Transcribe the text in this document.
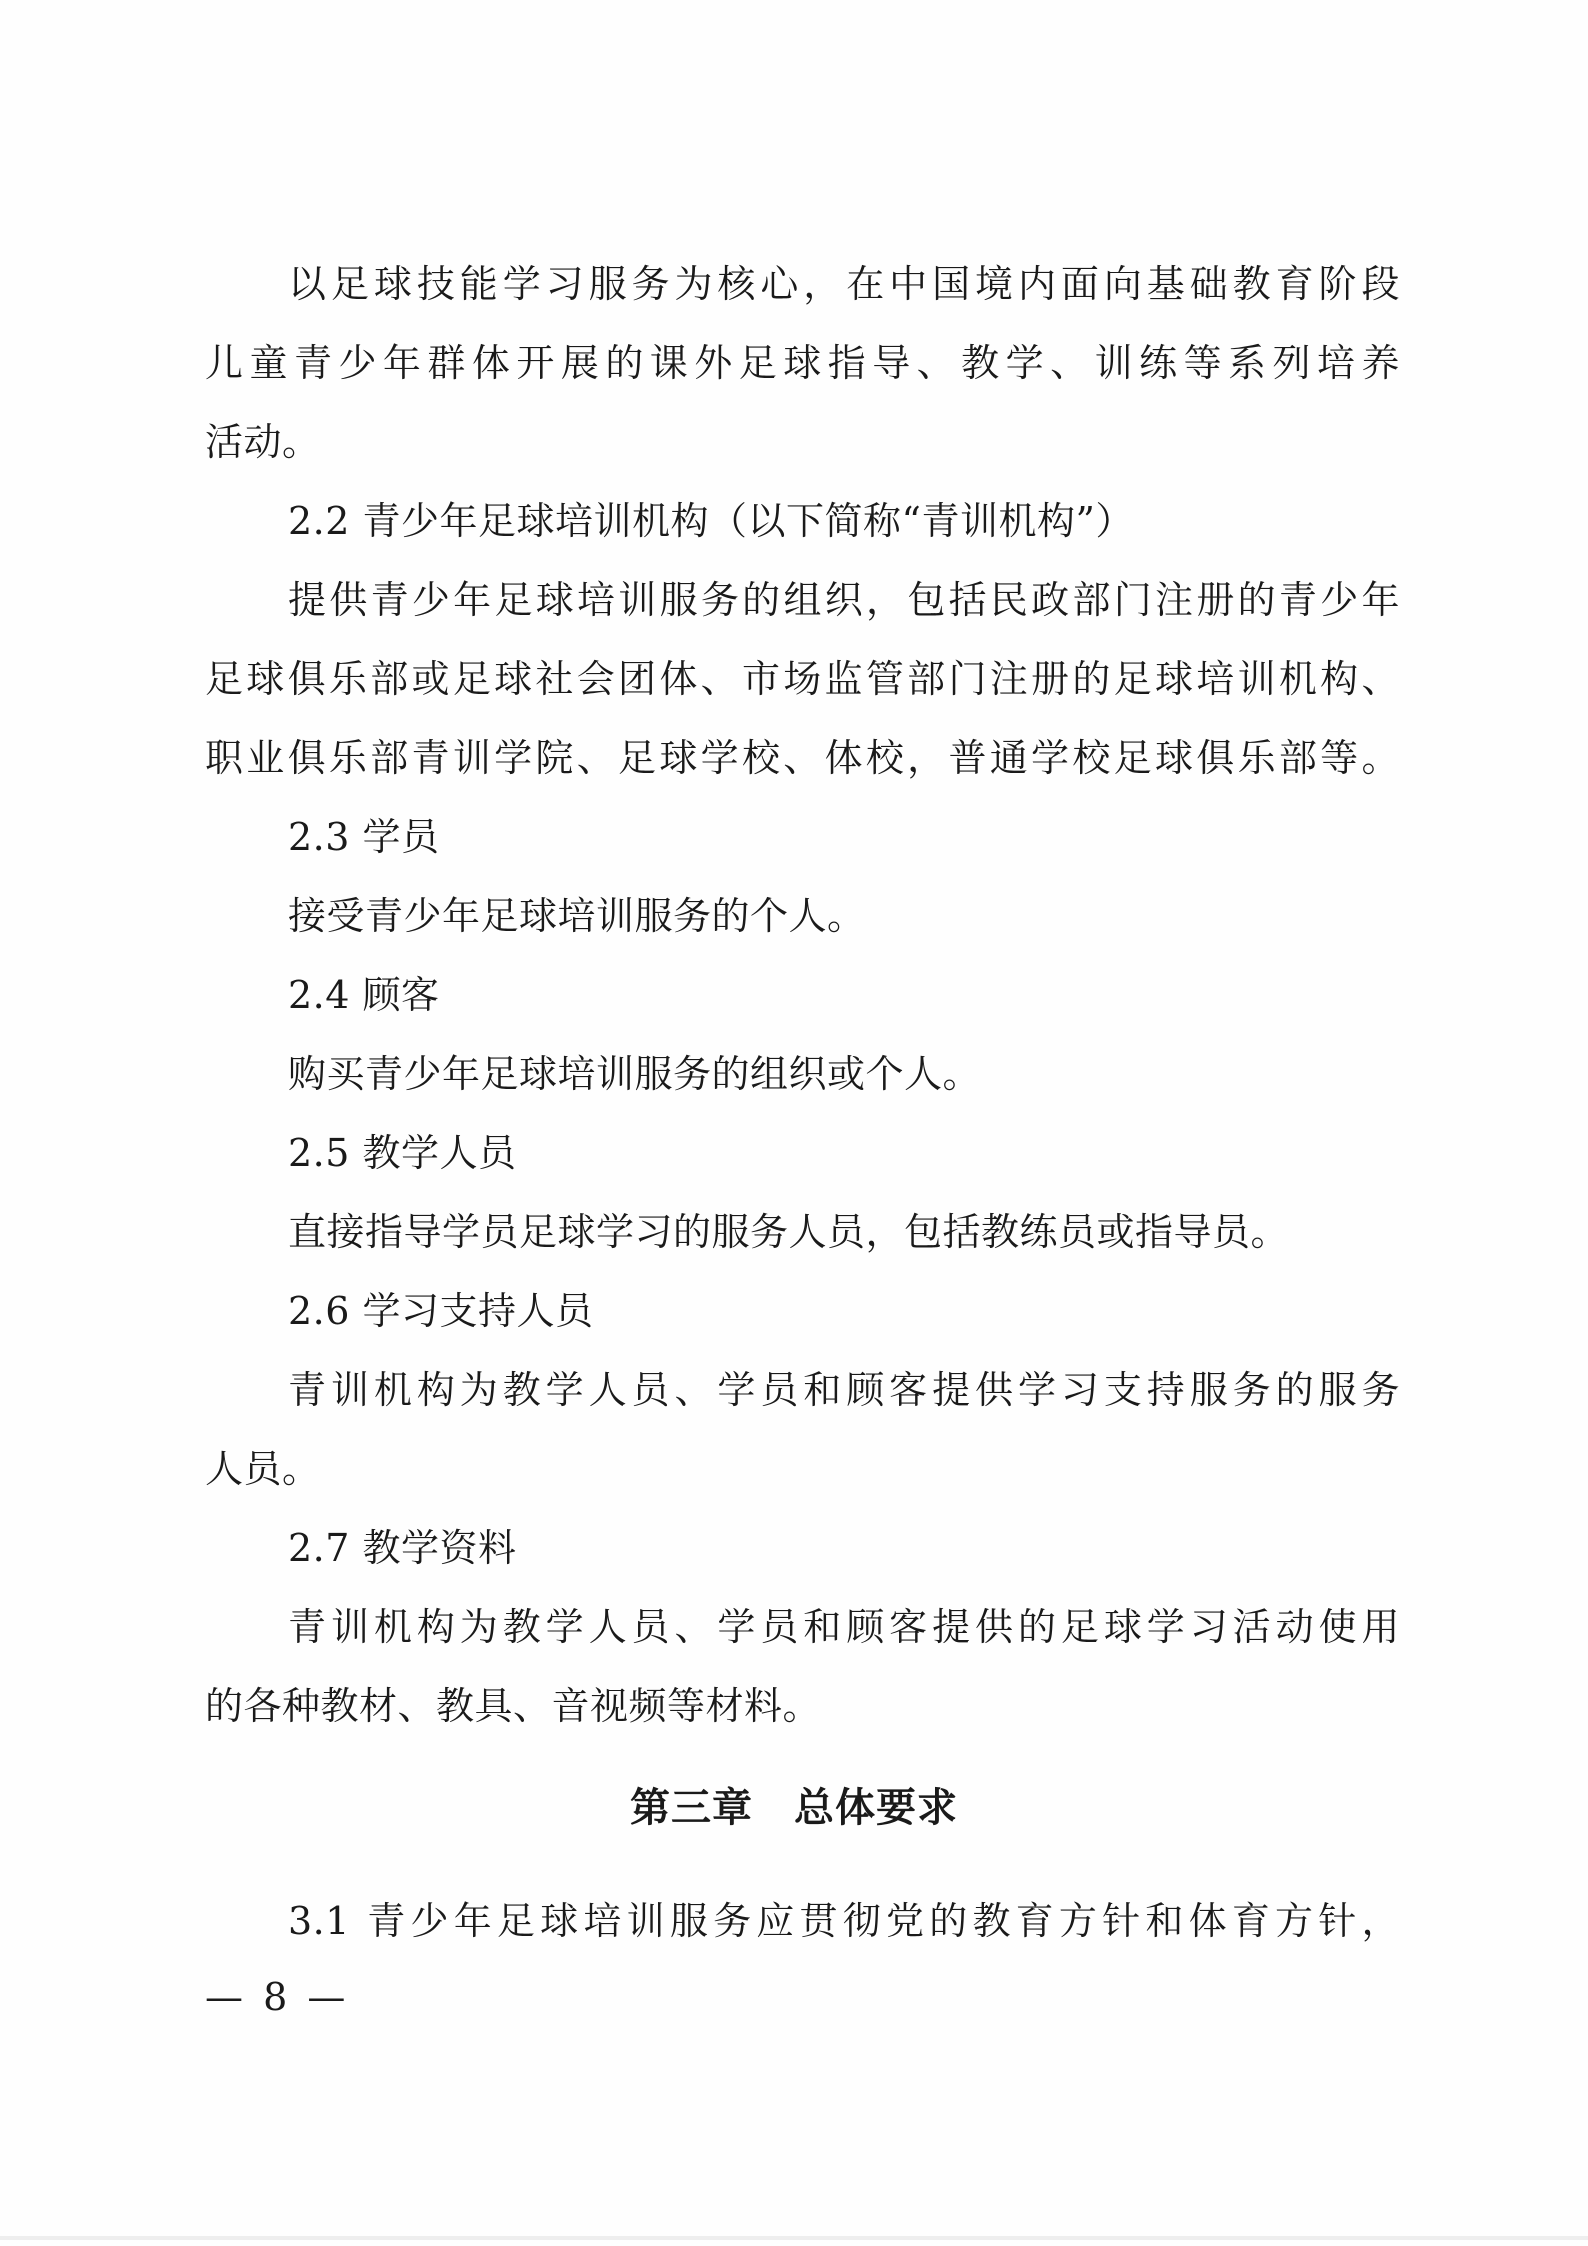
以足球技能学习服务为核心，在中国境内面向基础教育阶段
儿童青少年群体开展的课外足球指导、教学、训练等系列培养
活动。
2.2 青少年足球培训机构（以下简称“青训机构”）
提供青少年足球培训服务的组织，包括民政部门注册的青少年
足球俱乐部或足球社会团体、市场监管部门注册的足球培训机构、
职业俱乐部青训学院、足球学校、体校，普通学校足球俱乐部等。
2.3 学员
接受青少年足球培训服务的个人。
2.4 顾客
购买青少年足球培训服务的组织或个人。
2.5 教学人员
直接指导学员足球学习的服务人员，包括教练员或指导员。
2.6 学习支持人员
青训机构为教学人员、学员和顾客提供学习支持服务的服务
人员。
2.7 教学资料
青训机构为教学人员、学员和顾客提供的足球学习活动使用
的各种教材、教具、音视频等材料。
第三章　总体要求
3.1 青少年足球培训服务应贯彻党的教育方针和体育方针，
— 8 —
